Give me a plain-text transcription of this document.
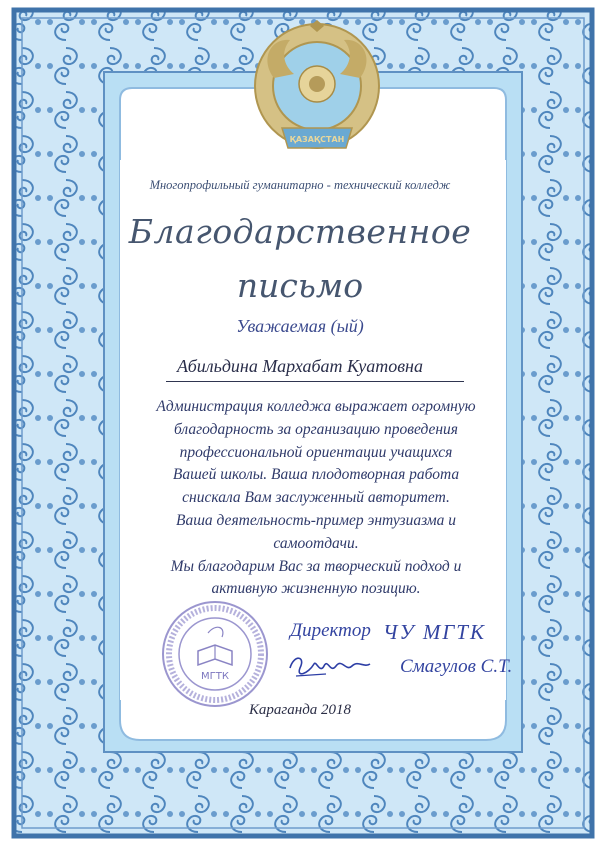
ҚАЗАҚСТАН
Многопрофильный гуманитарно - технический колледж
Благодарственное
письмо
Уважаемая (ый)
Абильдина Мархабат Куатовна
Администрация колледжа выражает огромную
благодарность за организацию проведения
профессиональной ориентации учащихся
Вашей школы. Ваша плодотворная работа
снискала Вам заслуженный авторитет.
Ваша деятельность-пример энтузиазма и
самоотдачи.
Мы благодарим Вас за творческий подход и
активную жизненную позицию.
МГТК
Директор ЧУ МГТК
Смагулов С.Т.
Караганда 2018
